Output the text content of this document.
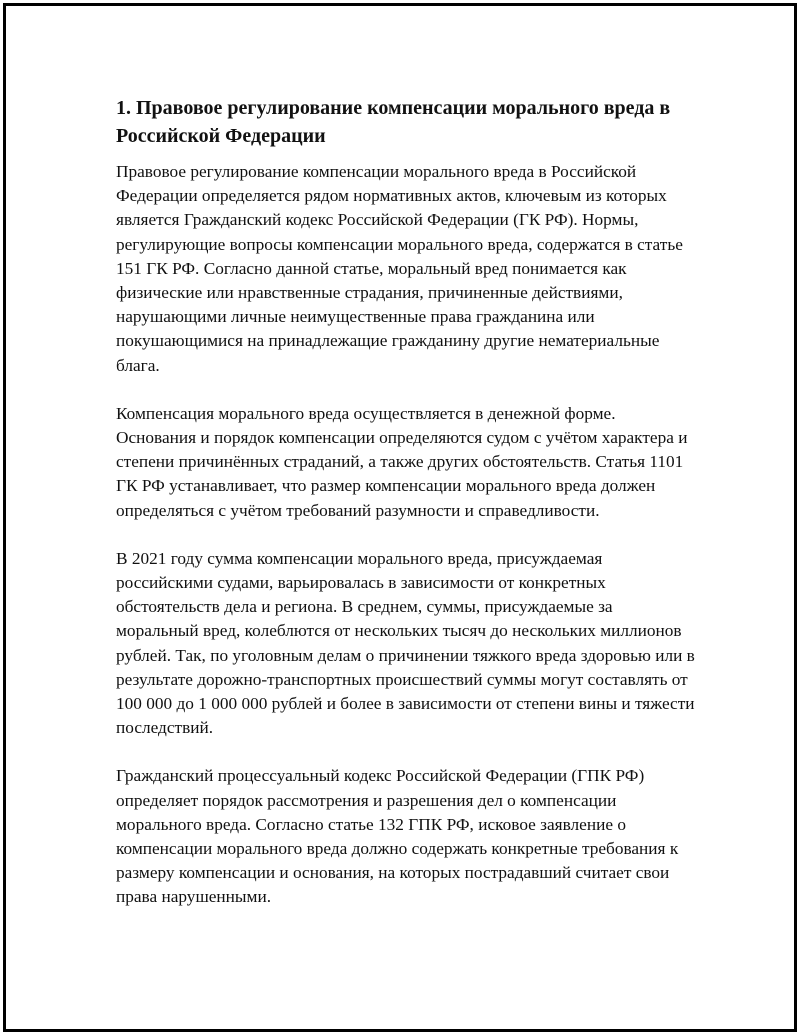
1. Правовое регулирование компенсации морального вреда в Российской Федерации

Правовое регулирование компенсации морального вреда в Российской Федерации определяется рядом нормативных актов, ключевым из которых является Гражданский кодекс Российской Федерации (ГК РФ). Нормы, регулирующие вопросы компенсации морального вреда, содержатся в статье 151 ГК РФ. Согласно данной статье, моральный вред понимается как физические или нравственные страдания, причиненные действиями, нарушающими личные неимущественные права гражданина или покушающимися на принадлежащие гражданину другие нематериальные блага.

Компенсация морального вреда осуществляется в денежной форме. Основания и порядок компенсации определяются судом с учётом характера и степени причинённых страданий, а также других обстоятельств. Статья 1101 ГК РФ устанавливает, что размер компенсации морального вреда должен определяться с учётом требований разумности и справедливости.

В 2021 году сумма компенсации морального вреда, присуждаемая российскими судами, варьировалась в зависимости от конкретных обстоятельств дела и региона. В среднем, суммы, присуждаемые за моральный вред, колеблются от нескольких тысяч до нескольких миллионов рублей. Так, по уголовным делам о причинении тяжкого вреда здоровью или в результате дорожно-транспортных происшествий суммы могут составлять от 100 000 до 1 000 000 рублей и более в зависимости от степени вины и тяжести последствий.

Гражданский процессуальный кодекс Российской Федерации (ГПК РФ) определяет порядок рассмотрения и разрешения дел о компенсации морального вреда. Согласно статье 132 ГПК РФ, исковое заявление о компенсации морального вреда должно содержать конкретные требования к размеру компенсации и основания, на которых пострадавший считает свои права нарушенными.
